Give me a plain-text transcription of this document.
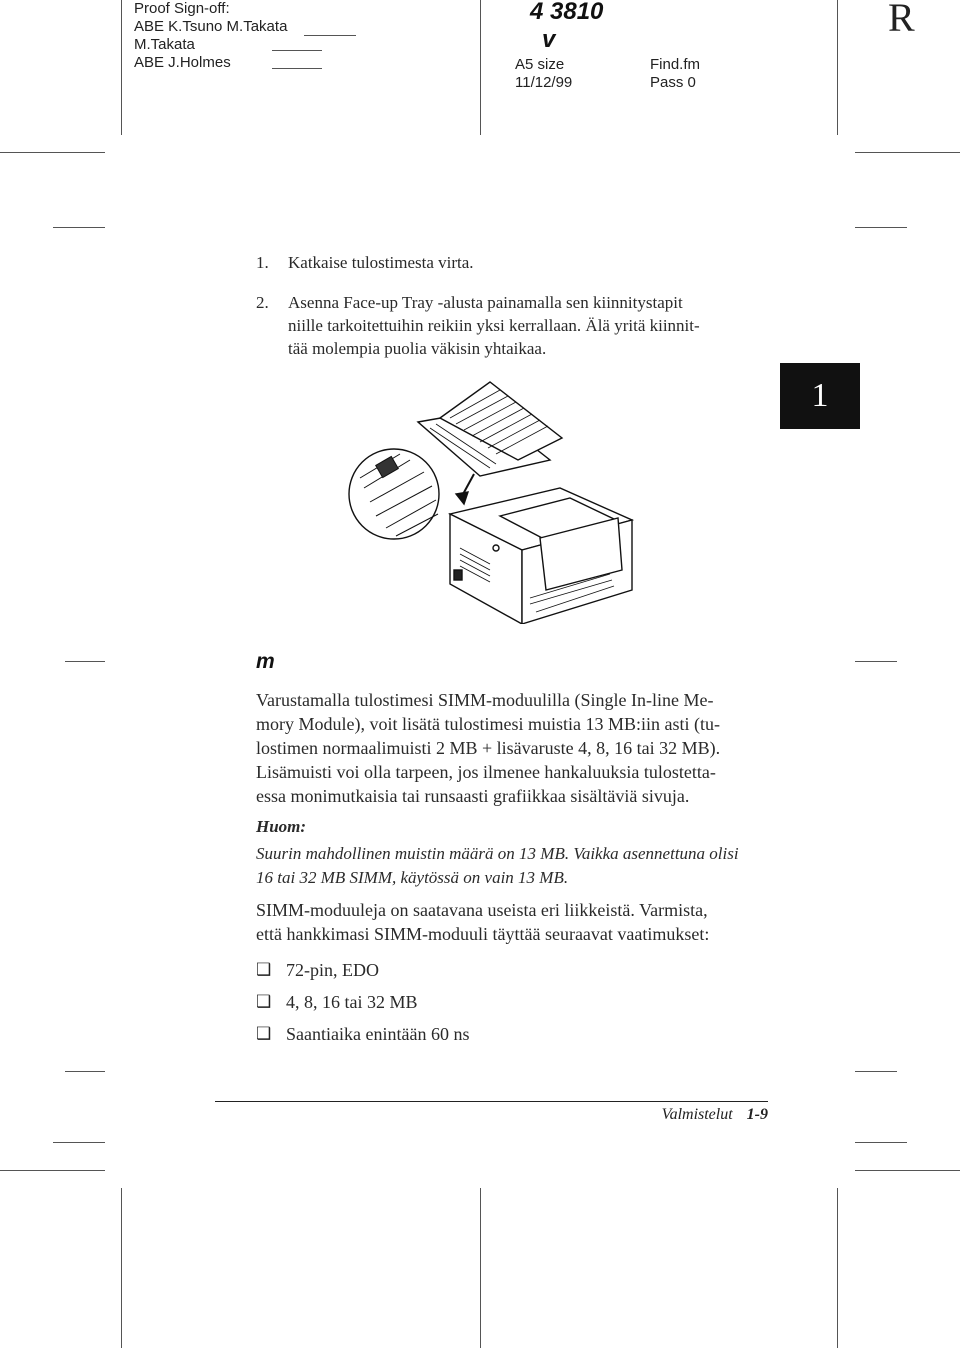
Proof Sign-off:
ABE K.Tsuno M.Takata
M.Takata
ABE J.Holmes
4 3810
v
A5 size
11/12/99
Find.fm
Pass 0
R
1
1. Katkaise tulostimesta virta.
2. Asenna Face-up Tray -alusta painamalla sen kiinnitystapit
niille tarkoitettuihin reikiin yksi kerrallaan. Älä yritä kiinnit-
tää molempia puolia väkisin yhtaikaa.
m
Varustamalla tulostimesi SIMM-moduulilla (Single In-line Me-
mory Module), voit lisätä tulostimesi muistia 13 MB:iin asti (tu-
lostimen normaalimuisti 2 MB + lisävaruste 4, 8, 16 tai 32 MB).
Lisämuisti voi olla tarpeen, jos ilmenee hankaluuksia tulostetta-
essa monimutkaisia tai runsaasti grafiikkaa sisältäviä sivuja.
Huom:
Suurin mahdollinen muistin määrä on 13 MB. Vaikka asennettuna olisi
16 tai 32 MB SIMM, käytössä on vain 13 MB.
SIMM-moduuleja on saatavana useista eri liikkeistä. Varmista,
että hankkimasi SIMM-moduuli täyttää seuraavat vaatimukset:
❑ 72-pin, EDO
❑ 4, 8, 16 tai 32 MB
❑ Saantiaika enintään 60 ns
Valmistelut 1-9
